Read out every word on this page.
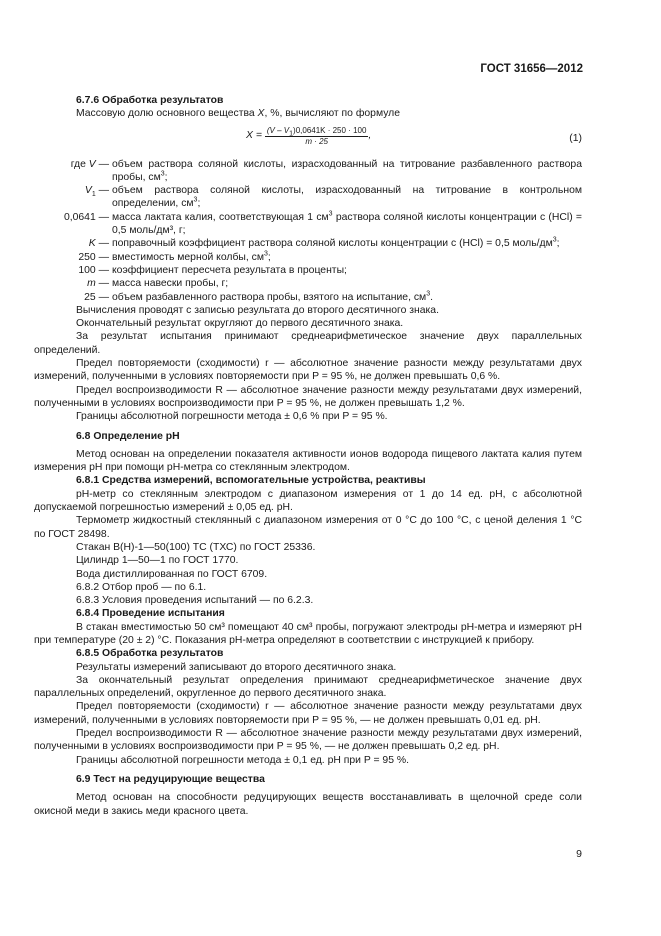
ГОСТ 31656—2012

6.7.6 Обработка результатов

Массовую долю основного вещества X, %, вычисляют по формуле

$X = \frac{(V - V_1)0,0641K \cdot 250 \cdot 100}{m \cdot 25}$ ,	(1)
где V —	объем раствора соляной кислоты, израсходованный на титрование разбавленного раствора пробы, $см^3$;
$V_1$ —	объем раствора соляной кислоты, израсходованный на титрование в контрольном определении, $см^3$;
0,0641 —	масса лактата калия, соответствующая 1 $см^3$ раствора соляной кислоты концентрации c (HCl) = 0,5 моль/дм³, г;
K —	поправочный коэффициент раствора соляной кислоты концентрации c (HCl) = 0,5 моль/$дм^3$;
250 —	вместимость мерной колбы, $см^3$;
100 —	коэффициент пересчета результата в проценты;
m —	масса навески пробы, г;
25 —	объем разбавленного раствора пробы, взятого на испытание, $см^3$.

Вычисления проводят с записью результата до второго десятичного знака.

Окончательный результат округляют до первого десятичного знака.

За результат испытания принимают среднеарифметическое значение двух параллельных определений.

Предел повторяемости (сходимости) r — абсолютное значение разности между результатами двух измерений, полученными в условиях повторяемости при P = 95 %, не должен превышать 0,6 %.

Предел воспроизводимости R — абсолютное значение разности между результатами двух измерений, полученными в условиях воспроизводимости при P = 95 %, не должен превышать 1,2 %.

Границы абсолютной погрешности метода ± 0,6 % при P = 95 %.

6.8 Определение pH

Метод основан на определении показателя активности ионов водорода пищевого лактата калия путем измерения pH при помощи pH-метра со стеклянным электродом.

6.8.1 Средства измерений, вспомогательные устройства, реактивы

pH-метр со стеклянным электродом с диапазоном измерения от 1 до 14 ед. pH, с абсолютной допускаемой погрешностью измерений ± 0,05 ед. pH.

Термометр жидкостный стеклянный с диапазоном измерения от 0 °C до 100 °C, с ценой деления 1 °C по ГОСТ 28498.

Стакан В(Н)-1—50(100) ТС (ТХС) по ГОСТ 25336.

Цилиндр 1—50—1 по ГОСТ 1770.

Вода дистиллированная по ГОСТ 6709.

6.8.2 Отбор проб — по 6.1.

6.8.3 Условия проведения испытаний — по 6.2.3.

6.8.4 Проведение испытания

В стакан вместимостью 50 см³ помещают 40 см³ пробы, погружают электроды pH-метра и измеряют pH при температуре (20 ± 2) °C. Показания pH-метра определяют в соответствии с инструкцией к прибору.

6.8.5 Обработка результатов

Результаты измерений записывают до второго десятичного знака.

За окончательный результат определения принимают среднеарифметическое значение двух параллельных определений, округленное до первого десятичного знака.

Предел повторяемости (сходимости) r — абсолютное значение разности между результатами двух измерений, полученными в условиях повторяемости при P = 95 %, — не должен превышать 0,01 ед. pH.

Предел воспроизводимости R — абсолютное значение разности между результатами двух измерений, полученными в условиях воспроизводимости при P = 95 %, — не должен превышать 0,2 ед. pH.

Границы абсолютной погрешности метода ± 0,1 ед. pH при P = 95 %.

6.9 Тест на редуцирующие вещества

Метод основан на способности редуцирующих веществ восстанавливать в щелочной среде соли окисной меди в закись меди красного цвета.

9
